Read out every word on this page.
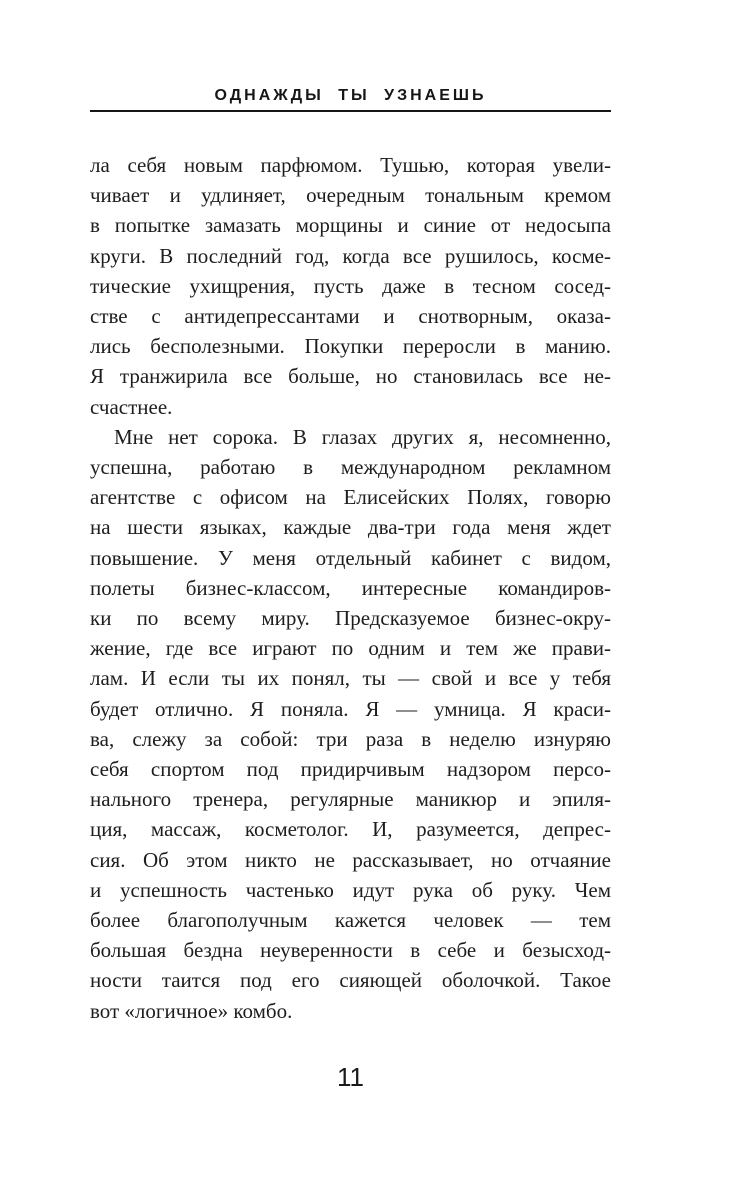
ОДНАЖДЫ ТЫ УЗНАЕШЬ
ла себя новым парфюмом. Тушью, которая увели-
чивает и удлиняет, очередным тональным кремом
в попытке замазать морщины и синие от недосыпа
круги. В последний год, когда все рушилось, косме-
тические ухищрения, пусть даже в тесном сосед-
стве с антидепрессантами и снотворным, оказа-
лись бесполезными. Покупки переросли в манию.
Я транжирила все больше, но становилась все не-
счастнее.
Мне нет сорока. В глазах других я, несомненно,
успешна, работаю в международном рекламном
агентстве с офисом на Елисейских Полях, говорю
на шести языках, каждые два-три года меня ждет
повышение. У меня отдельный кабинет с видом,
полеты бизнес-классом, интересные командиров-
ки по всему миру. Предсказуемое бизнес-окру-
жение, где все играют по одним и тем же прави-
лам. И если ты их понял, ты — свой и все у тебя
будет отлично. Я поняла. Я — умница. Я краси-
ва, слежу за собой: три раза в неделю изнуряю
себя спортом под придирчивым надзором персо-
нального тренера, регулярные маникюр и эпиля-
ция, массаж, косметолог. И, разумеется, депрес-
сия. Об этом никто не рассказывает, но отчаяние
и успешность частенько идут рука об руку. Чем
более благополучным кажется человек — тем
большая бездна неуверенности в себе и безысход-
ности таится под его сияющей оболочкой. Такое
вот «логичное» комбо.
11
